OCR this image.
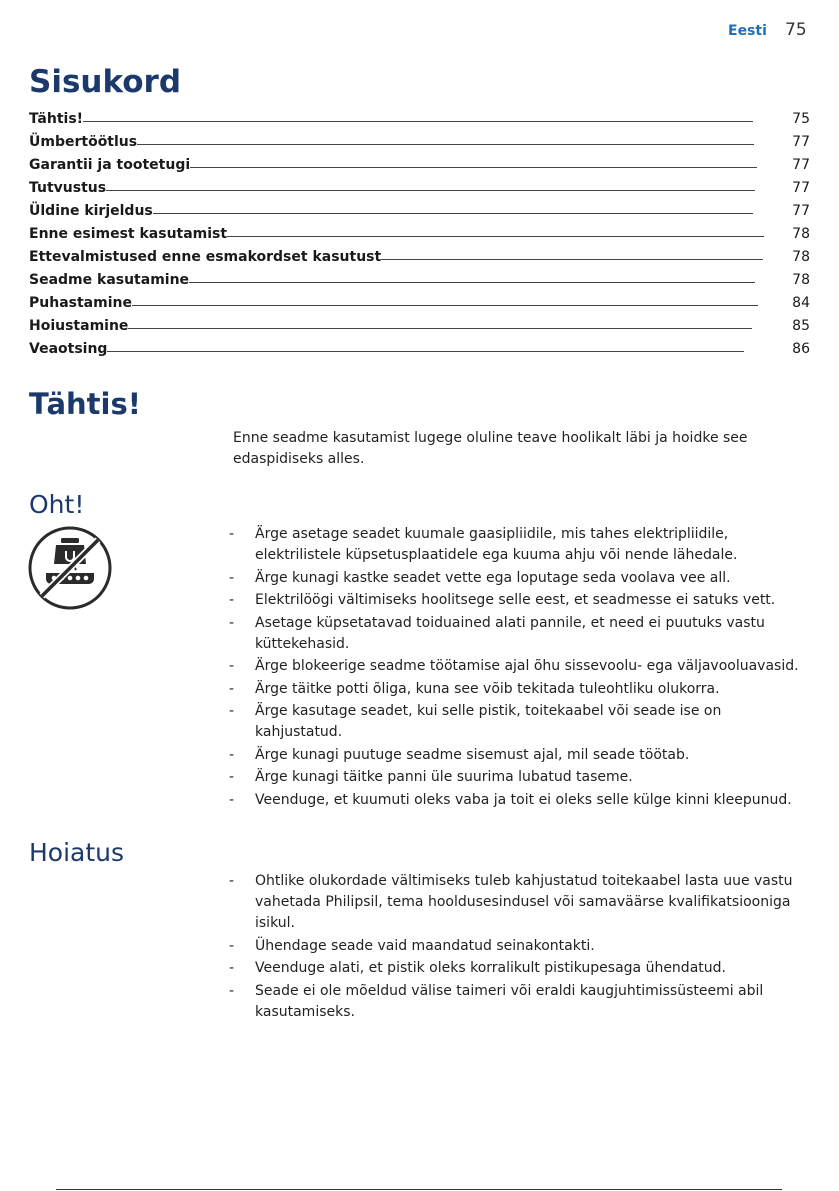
Eesti 75
Sisukord
Tähtis!	75
Ümbertöötlus	77
Garantii ja tootetugi	77
Tutvustus	77
Üldine kirjeldus	77
Enne esimest kasutamist	78
Ettevalmistused enne esmakordset kasutust	78
Seadme kasutamine	78
Puhastamine	84
Hoiustamine	85
Veaotsing	86
Tähtis!

Enne seadme kasutamist lugege oluline teave hoolikalt läbi ja hoidke see edaspidiseks alles.

Oht!
- Ärge asetage seadet kuumale gaasipliidile, mis tahes elektripliidile, elektrilistele küpsetusplaatidele ega kuuma ahju või nende lähedale.
- Ärge kunagi kastke seadet vette ega loputage seda voolava vee all.
- Elektrilöögi vältimiseks hoolitsege selle eest, et seadmesse ei satuks vett.
- Asetage küpsetatavad toiduained alati pannile, et need ei puutuks vastu küttekehasid.
- Ärge blokeerige seadme töötamise ajal õhu sissevoolu- ega väljavooluavasid.
- Ärge täitke potti õliga, kuna see võib tekitada tuleohtliku olukorra.
- Ärge kasutage seadet, kui selle pistik, toitekaabel või seade ise on kahjustatud.
- Ärge kunagi puutuge seadme sisemust ajal, mil seade töötab.
- Ärge kunagi täitke panni üle suurima lubatud taseme.
- Veenduge, et kuumuti oleks vaba ja toit ei oleks selle külge kinni kleepunud.
Hoiatus
- Ohtlike olukordade vältimiseks tuleb kahjustatud toitekaabel lasta uue vastu vahetada Philipsil, tema hooldusesindusel või samaväärse kvalifikatsiooniga isikul.
- Ühendage seade vaid maandatud seinakontakti.
- Veenduge alati, et pistik oleks korralikult pistikupesaga ühendatud.
- Seade ei ole mõeldud välise taimeri või eraldi kaugjuhtimissüsteemi abil kasutamiseks.
